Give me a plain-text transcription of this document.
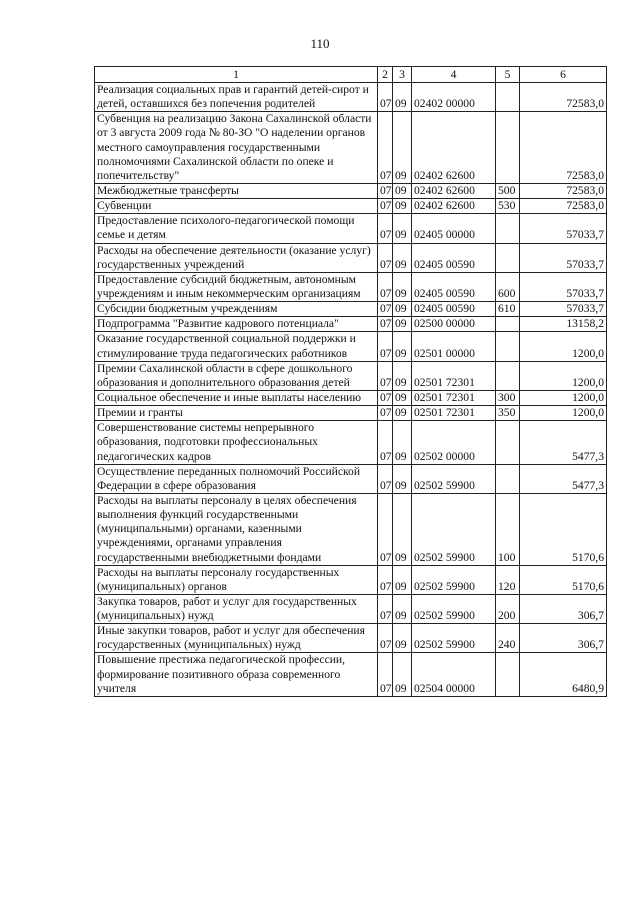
110
1	2	3	4	5	6
Реализация социальных прав и гарантий детей-сирот и детей, оставшихся без попечения родителей	07	09	02402 00000		72583,0
Субвенция на реализацию Закона Сахалинской области от 3 августа 2009 года № 80-ЗО "О наделении органов местного самоуправления государственными полномочиями Сахалинской области по опеке и попечительству"	07	09	02402 62600		72583,0
Межбюджетные трансферты	07	09	02402 62600	500	72583,0
Субвенции	07	09	02402 62600	530	72583,0
Предоставление психолого-педагогической помощи семье и детям	07	09	02405 00000		57033,7
Расходы на обеспечение деятельности (оказание услуг) государственных учреждений	07	09	02405 00590		57033,7
Предоставление субсидий бюджетным, автономным учреждениям и иным некоммерческим организациям	07	09	02405 00590	600	57033,7
Субсидии бюджетным учреждениям	07	09	02405 00590	610	57033,7
Подпрограмма "Развитие кадрового потенциала"	07	09	02500 00000		13158,2
Оказание государственной социальной поддержки и стимулирование труда педагогических работников	07	09	02501 00000		1200,0
Премии Сахалинской области в сфере дошкольного образования и дополнительного образования детей	07	09	02501 72301		1200,0
Социальное обеспечение и иные выплаты населению	07	09	02501 72301	300	1200,0
Премии и гранты	07	09	02501 72301	350	1200,0
Совершенствование системы непрерывного образования, подготовки профессиональных педагогических кадров	07	09	02502 00000		5477,3
Осуществление переданных полномочий Российской Федерации в сфере образования	07	09	02502 59900		5477,3
Расходы на выплаты персоналу в целях обеспечения выполнения функций государственными (муниципальными) органами, казенными учреждениями, органами управления государственными внебюджетными фондами	07	09	02502 59900	100	5170,6
Расходы на выплаты персоналу государственных (муниципальных) органов	07	09	02502 59900	120	5170,6
Закупка товаров, работ и услуг для государственных (муниципальных) нужд	07	09	02502 59900	200	306,7
Иные закупки товаров, работ и услуг для обеспечения государственных (муниципальных) нужд	07	09	02502 59900	240	306,7
Повышение престижа педагогической профессии, формирование позитивного образа современного учителя	07	09	02504 00000		6480,9
